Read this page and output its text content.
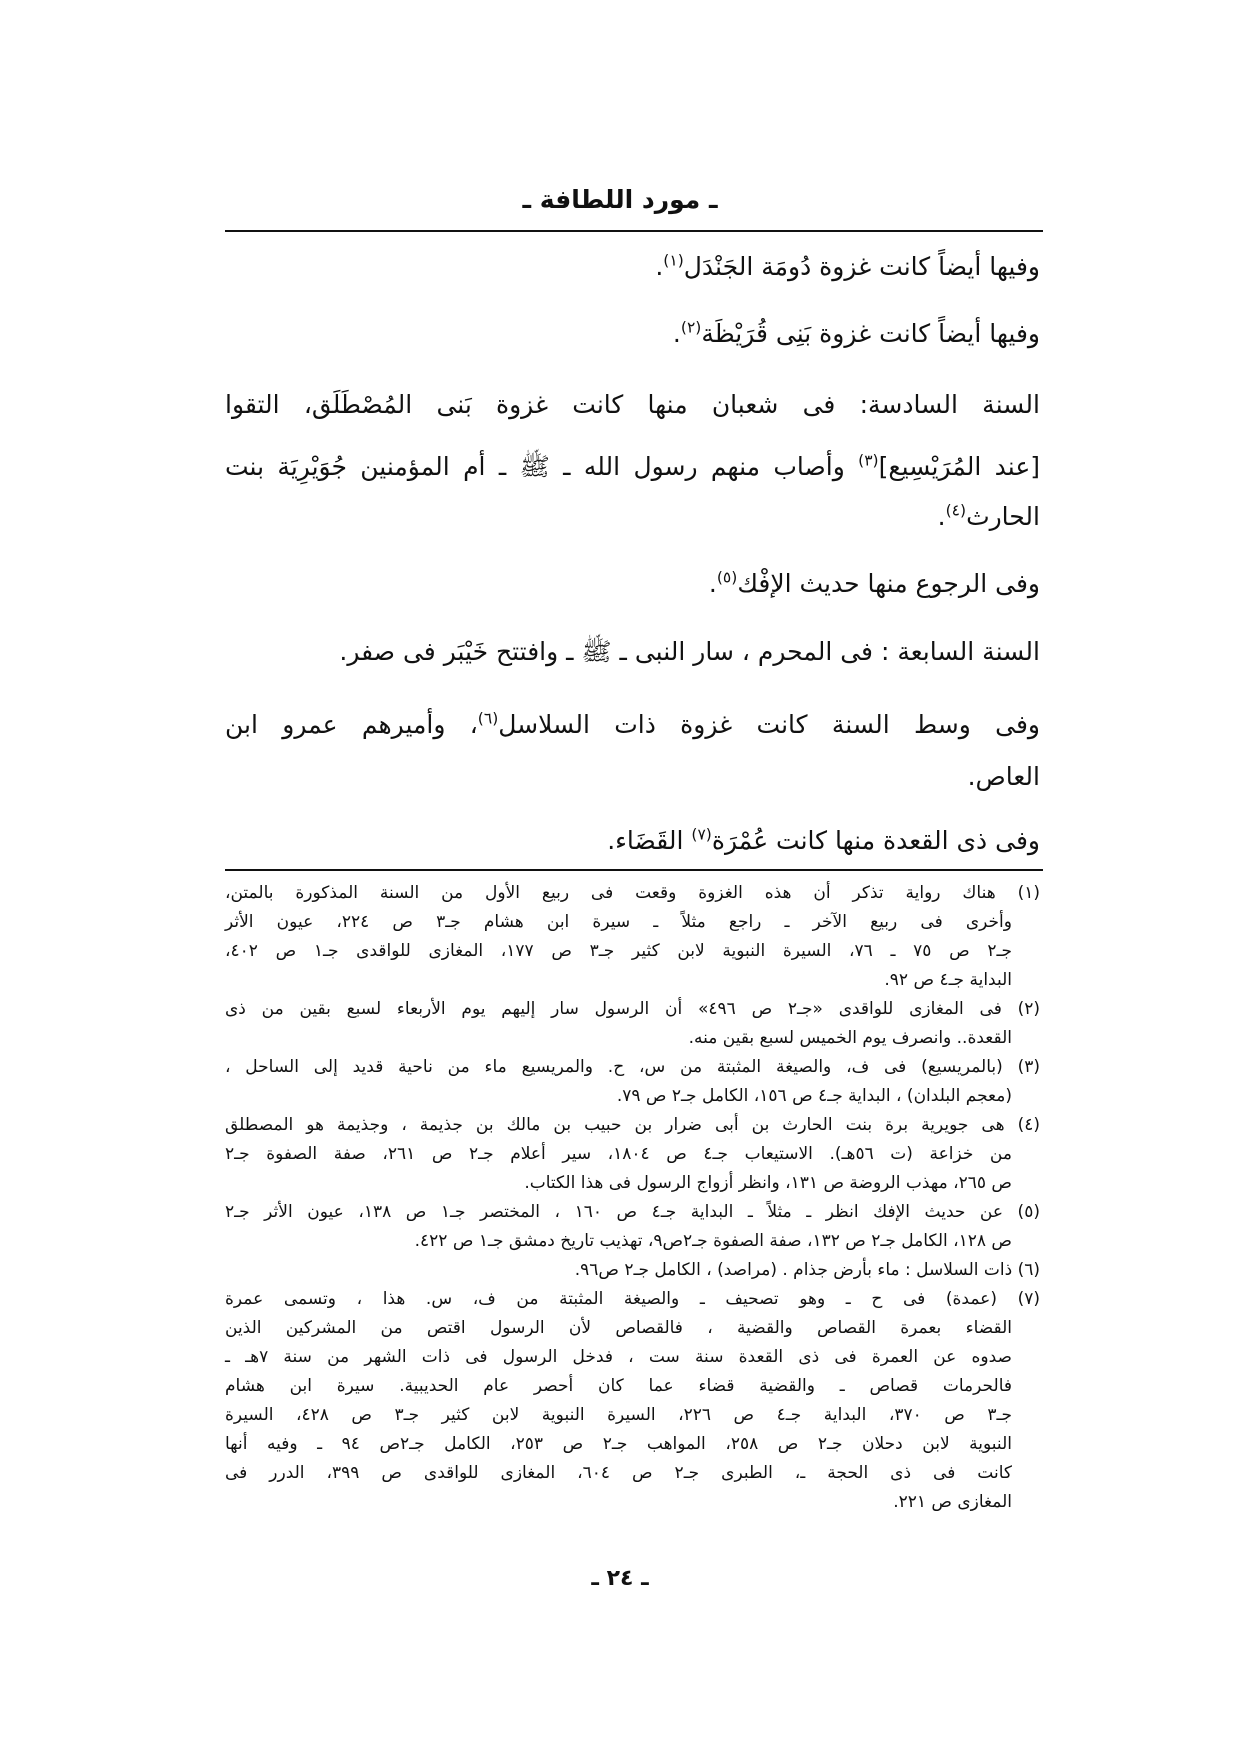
ـ مورد اللطافة ـ
وفيها أيضاً كانت غزوة دُومَة الجَنْدَل$^{(١)}$.
وفيها أيضاً كانت غزوة بَنِى قُرَيْظَة$^{(٢)}$.
السنة السادسة: فى شعبان منها كانت غزوة بَنى المُصْطَلَق، التقوا
[عند المُرَيْسِيع]$^{(٣)}$ وأصاب منهم رسول الله ـ ﷺ ـ أم المؤمنين جُوَيْرِيَة بنت
الحارث$^{(٤)}$.
وفى الرجوع منها حديث الإفْك$^{(٥)}$.
السنة السابعة : فى المحرم ، سار النبى ـ ﷺ ـ وافتتح خَيْبَر فى صفر.
وفى وسط السنة كانت غزوة ذات السلاسل$^{(٦)}$، وأميرهم عمرو ابن
العاص.
وفى ذى القعدة منها كانت عُمْرَة$^{(٧)}$ القَضَاء.
(١) هناك رواية تذكر أن هذه الغزوة وقعت فى ربيع الأول من السنة المذكورة بالمتن،
وأخرى فى ربيع الآخر ـ راجع مثلاً ـ سيرة ابن هشام جـ٣ ص ٢٢٤، عيون الأثر
جـ٢ ص ٧٥ ـ ٧٦، السيرة النبوية لابن كثير جـ٣ ص ١٧٧، المغازى للواقدى جـ١ ص ٤٠٢،
البداية جـ٤ ص ٩٢.
(٢) فى المغازى للواقدى «جـ٢ ص ٤٩٦» أن الرسول سار إليهم يوم الأربعاء لسبع بقين من ذى
القعدة.. وانصرف يوم الخميس لسبع بقين منه.
(٣) (بالمريسيع) فى ف، والصيغة المثبتة من س، ح. والمريسيع ماء من ناحية قديد إلى الساحل ،
(معجم البلدان) ، البداية جـ٤ ص ١٥٦، الكامل جـ٢ ص ٧٩.
(٤) هى جويرية برة بنت الحارث بن أبى ضرار بن حبيب بن مالك بن جذيمة ، وجذيمة هو المصطلق
من خزاعة (ت ٥٦هـ). الاستيعاب جـ٤ ص ١٨٠٤، سير أعلام جـ٢ ص ٢٦١، صفة الصفوة جـ٢
ص ٢٦٥، مهذب الروضة ص ١٣١، وانظر أزواج الرسول فى هذا الكتاب.
(٥) عن حديث الإفك انظر ـ مثلاً ـ البداية جـ٤ ص ١٦٠ ، المختصر جـ١ ص ١٣٨، عيون الأثر جـ٢
ص ١٢٨، الكامل جـ٢ ص ١٣٢، صفة الصفوة جـ٢ص٩، تهذيب تاريخ دمشق جـ١ ص ٤٢٢.
(٦) ذات السلاسل : ماء بأرض جذام . (مراصد) ، الكامل جـ٢ ص٩٦.
(٧) (عمدة) فى ح ـ وهو تصحيف ـ والصيغة المثبتة من ف، س. هذا ، وتسمى عمرة
القضاء بعمرة القصاص والقضية ، فالقصاص لأن الرسول اقتص من المشركين الذين
صدوه عن العمرة فى ذى القعدة سنة ست ، فدخل الرسول فى ذات الشهر من سنة ٧هـ ـ
فالحرمات قصاص ـ والقضية قضاء عما كان أحصر عام الحديبية. سيرة ابن هشام
جـ٣ ص ٣٧٠، البداية جـ٤ ص ٢٢٦، السيرة النبوية لابن كثير جـ٣ ص ٤٢٨، السيرة
النبوية لابن دحلان جـ٢ ص ٢٥٨، المواهب جـ٢ ص ٢٥٣، الكامل جـ٢ص ٩٤ ـ وفيه أنها
كانت فى ذى الحجة ـ، الطبرى جـ٢ ص ٦٠٤، المغازى للواقدى ص ٣٩٩، الدرر فى
المغازى ص ٢٢١.
ـ ٢٤ ـ
